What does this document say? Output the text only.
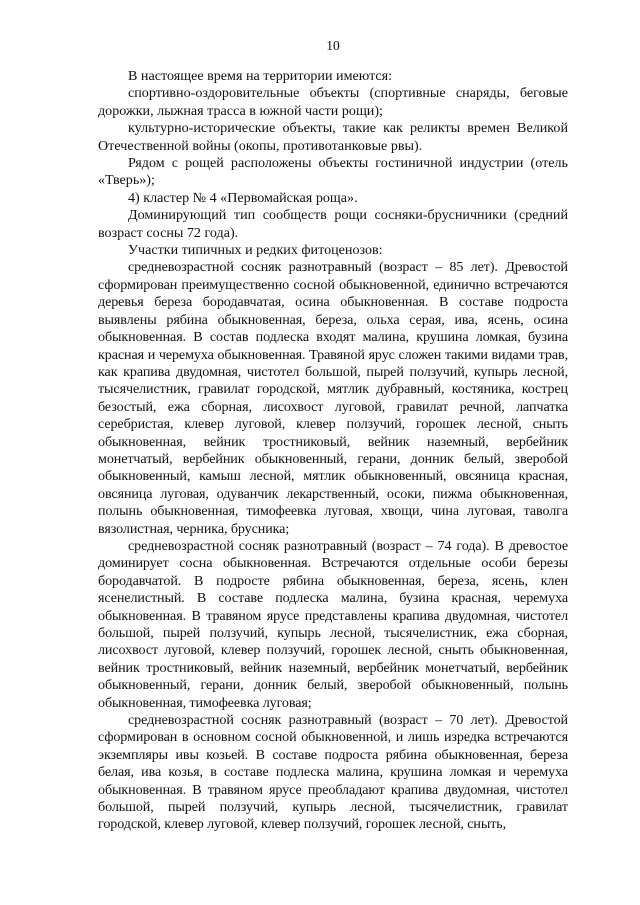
10

В настоящее время на территории имеются:

спортивно-оздоровительные объекты (спортивные снаряды, беговые дорожки, лыжная трасса в южной части рощи);

культурно-исторические объекты, такие как реликты времен Великой Отечественной войны (окопы, противотанковые рвы).

Рядом с рощей расположены объекты гостиничной индустрии (отель «Тверь»);

4) кластер № 4 «Первомайская роща».

Доминирующий тип сообществ рощи сосняки-брусничники (средний возраст сосны 72 года).

Участки типичных и редких фитоценозов:

средневозрастной сосняк разнотравный (возраст – 85 лет). Древостой сформирован преимущественно сосной обыкновенной, единично встречаются деревья береза бородавчатая, осина обыкновенная. В составе подроста выявлены рябина обыкновенная, береза, ольха серая, ива, ясень, осина обыкновенная. В состав подлеска входят малина, крушина ломкая, бузина красная и черемуха обыкновенная. Травяной ярус сложен такими видами трав, как крапива двудомная, чистотел большой, пырей ползучий, купырь лесной, тысячелистник, гравилат городской, мятлик дубравный, костяника, кострец безостый, ежа сборная, лисохвост луговой, гравилат речной, лапчатка серебристая, клевер луговой, клевер ползучий, горошек лесной, сныть обыкновенная, вейник тростниковый, вейник наземный, вербейник монетчатый, вербейник обыкновенный, герани, донник белый, зверобой обыкновенный, камыш лесной, мятлик обыкновенный, овсяница красная, овсяница луговая, одуванчик лекарственный, осоки, пижма обыкновенная, полынь обыкновенная, тимофеевка луговая, хвощи, чина луговая, таволга вязолистная, черника, брусника;

средневозрастной сосняк разнотравный (возраст – 74 года). В древостое доминирует сосна обыкновенная. Встречаются отдельные особи березы бородавчатой. В подросте рябина обыкновенная, береза, ясень, клен ясенелистный. В составе подлеска малина, бузина красная, черемуха обыкновенная. В травяном ярусе представлены крапива двудомная, чистотел большой, пырей ползучий, купырь лесной, тысячелистник, ежа сборная, лисохвост луговой, клевер ползучий, горошек лесной, сныть обыкновенная, вейник тростниковый, вейник наземный, вербейник монетчатый, вербейник обыкновенный, герани, донник белый, зверобой обыкновенный, полынь обыкновенная, тимофеевка луговая;

средневозрастной сосняк разнотравный (возраст – 70 лет). Древостой сформирован в основном сосной обыкновенной, и лишь изредка встречаются экземпляры ивы козьей. В составе подроста рябина обыкновенная, береза белая, ива козья, в составе подлеска малина, крушина ломкая и черемуха обыкновенная. В травяном ярусе преобладают крапива двудомная, чистотел большой, пырей ползучий, купырь лесной, тысячелистник, гравилат городской, клевер луговой, клевер ползучий, горошек лесной, сныть,
